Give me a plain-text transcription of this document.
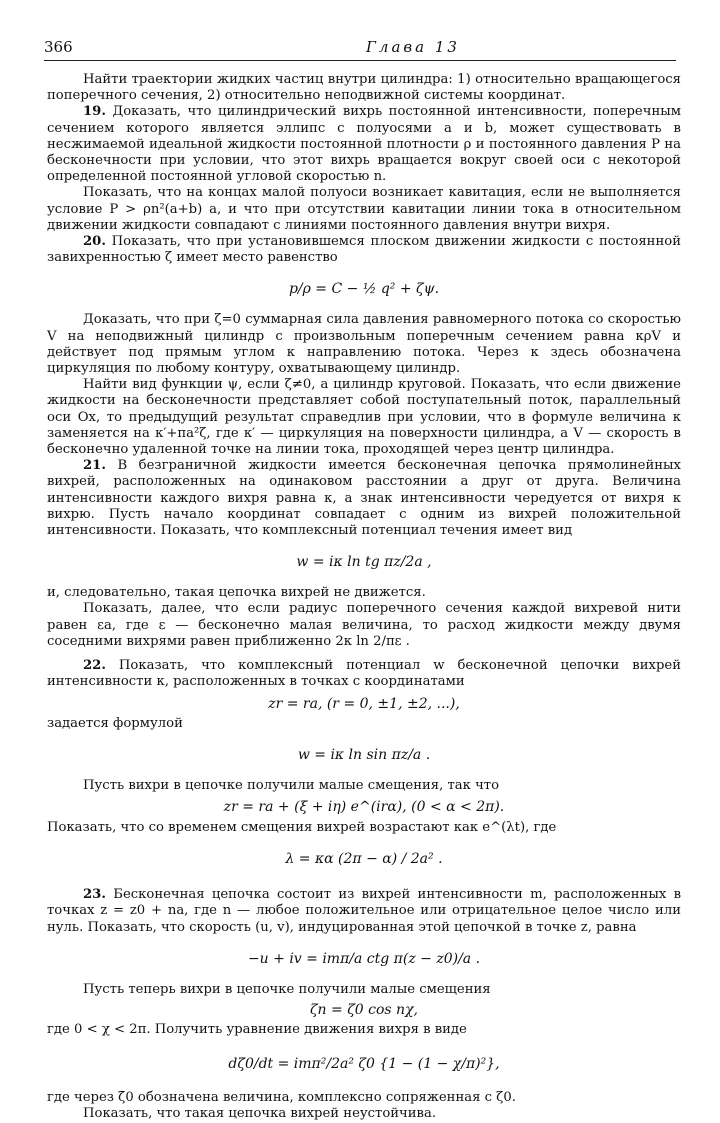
366	Глава 13

Найти траектории жидких частиц внутри цилиндра: 1) относительно вращающегося поперечного сечения, 2) относительно неподвижной системы координат.

19. Доказать, что цилиндрический вихрь постоянной интенсивности, поперечным сечением которого является эллипс с полуосями a и b, может существовать в несжимаемой идеальной жидкости постоянной плотности ρ и постоянного давления P на бесконечности при условии, что этот вихрь вращается вокруг своей оси с некоторой определенной постоянной угловой скоростью n.

Показать, что на концах малой полуоси возникает кавитация, если не выполняется условие P > ρn²(a+b) a, и что при отсутствии кавитации линии тока в относительном движении жидкости совпадают с линиями постоянного давления внутри вихря.

20. Показать, что при установившемся плоском движении жидкости с постоянной завихренностью ζ имеет место равенство

p/ρ = C − ½ q² + ζψ.

Доказать, что при ζ=0 суммарная сила давления равномерного потока со скоростью V на неподвижный цилиндр с произвольным поперечным сечением равна κρV и действует под прямым углом к направлению потока. Через κ здесь обозначена циркуляция по любому контуру, охватывающему цилиндр.

Найти вид функции ψ, если ζ≠0, а цилиндр круговой. Показать, что если движение жидкости на бесконечности представляет собой поступательный поток, параллельный оси Ox, то предыдущий результат справедлив при условии, что в формуле величина κ заменяется на κ′+πa²ζ, где κ′ — циркуляция на поверхности цилиндра, а V — скорость в бесконечно удаленной точке на линии тока, проходящей через центр цилиндра.

21. В безграничной жидкости имеется бесконечная цепочка прямолинейных вихрей, расположенных на одинаковом расстоянии a друг от друга. Величина интенсивности каждого вихря равна κ, а знак интенсивности чередуется от вихря к вихрю. Пусть начало координат совпадает с одним из вихрей положительной интенсивности. Показать, что комплексный потенциал течения имеет вид

w = iκ ln tg πz/2a ,

и, следовательно, такая цепочка вихрей не движется.

Показать, далее, что если радиус поперечного сечения каждой вихревой нити равен εa, где ε — бесконечно малая величина, то расход жидкости между двумя соседними вихрями равен приближенно 2κ ln 2/πε .

22. Показать, что комплексный потенциал w бесконечной цепочки вихрей интенсивности κ, расположенных в точках с координатами

zr = ra, (r = 0, ±1, ±2, ...),

задается формулой

w = iκ ln sin πz/a .

Пусть вихри в цепочке получили малые смещения, так что

zr = ra + (ξ + iη) e^(irα), (0 < α < 2π).

Показать, что со временем смещения вихрей возрастают как e^(λt), где

λ = κα (2π − α) / 2a² .

23. Бесконечная цепочка состоит из вихрей интенсивности m, расположенных в точках z = z0 + na, где n — любое положительное или отрицательное целое число или нуль. Показать, что скорость (u, v), индуцированная этой цепочкой в точке z, равна

−u + iv = imπ/a ctg π(z − z0)/a .

Пусть теперь вихри в цепочке получили малые смещения

ζn = ζ0 cos nχ,

где 0 < χ < 2π. Получить уравнение движения вихря в виде

dζ̄0/dt = imπ²/2a² ζ0 {1 − (1 − χ/π)²},

где через ζ̄0 обозначена величина, комплексно сопряженная с ζ0.

Показать, что такая цепочка вихрей неустойчива.
